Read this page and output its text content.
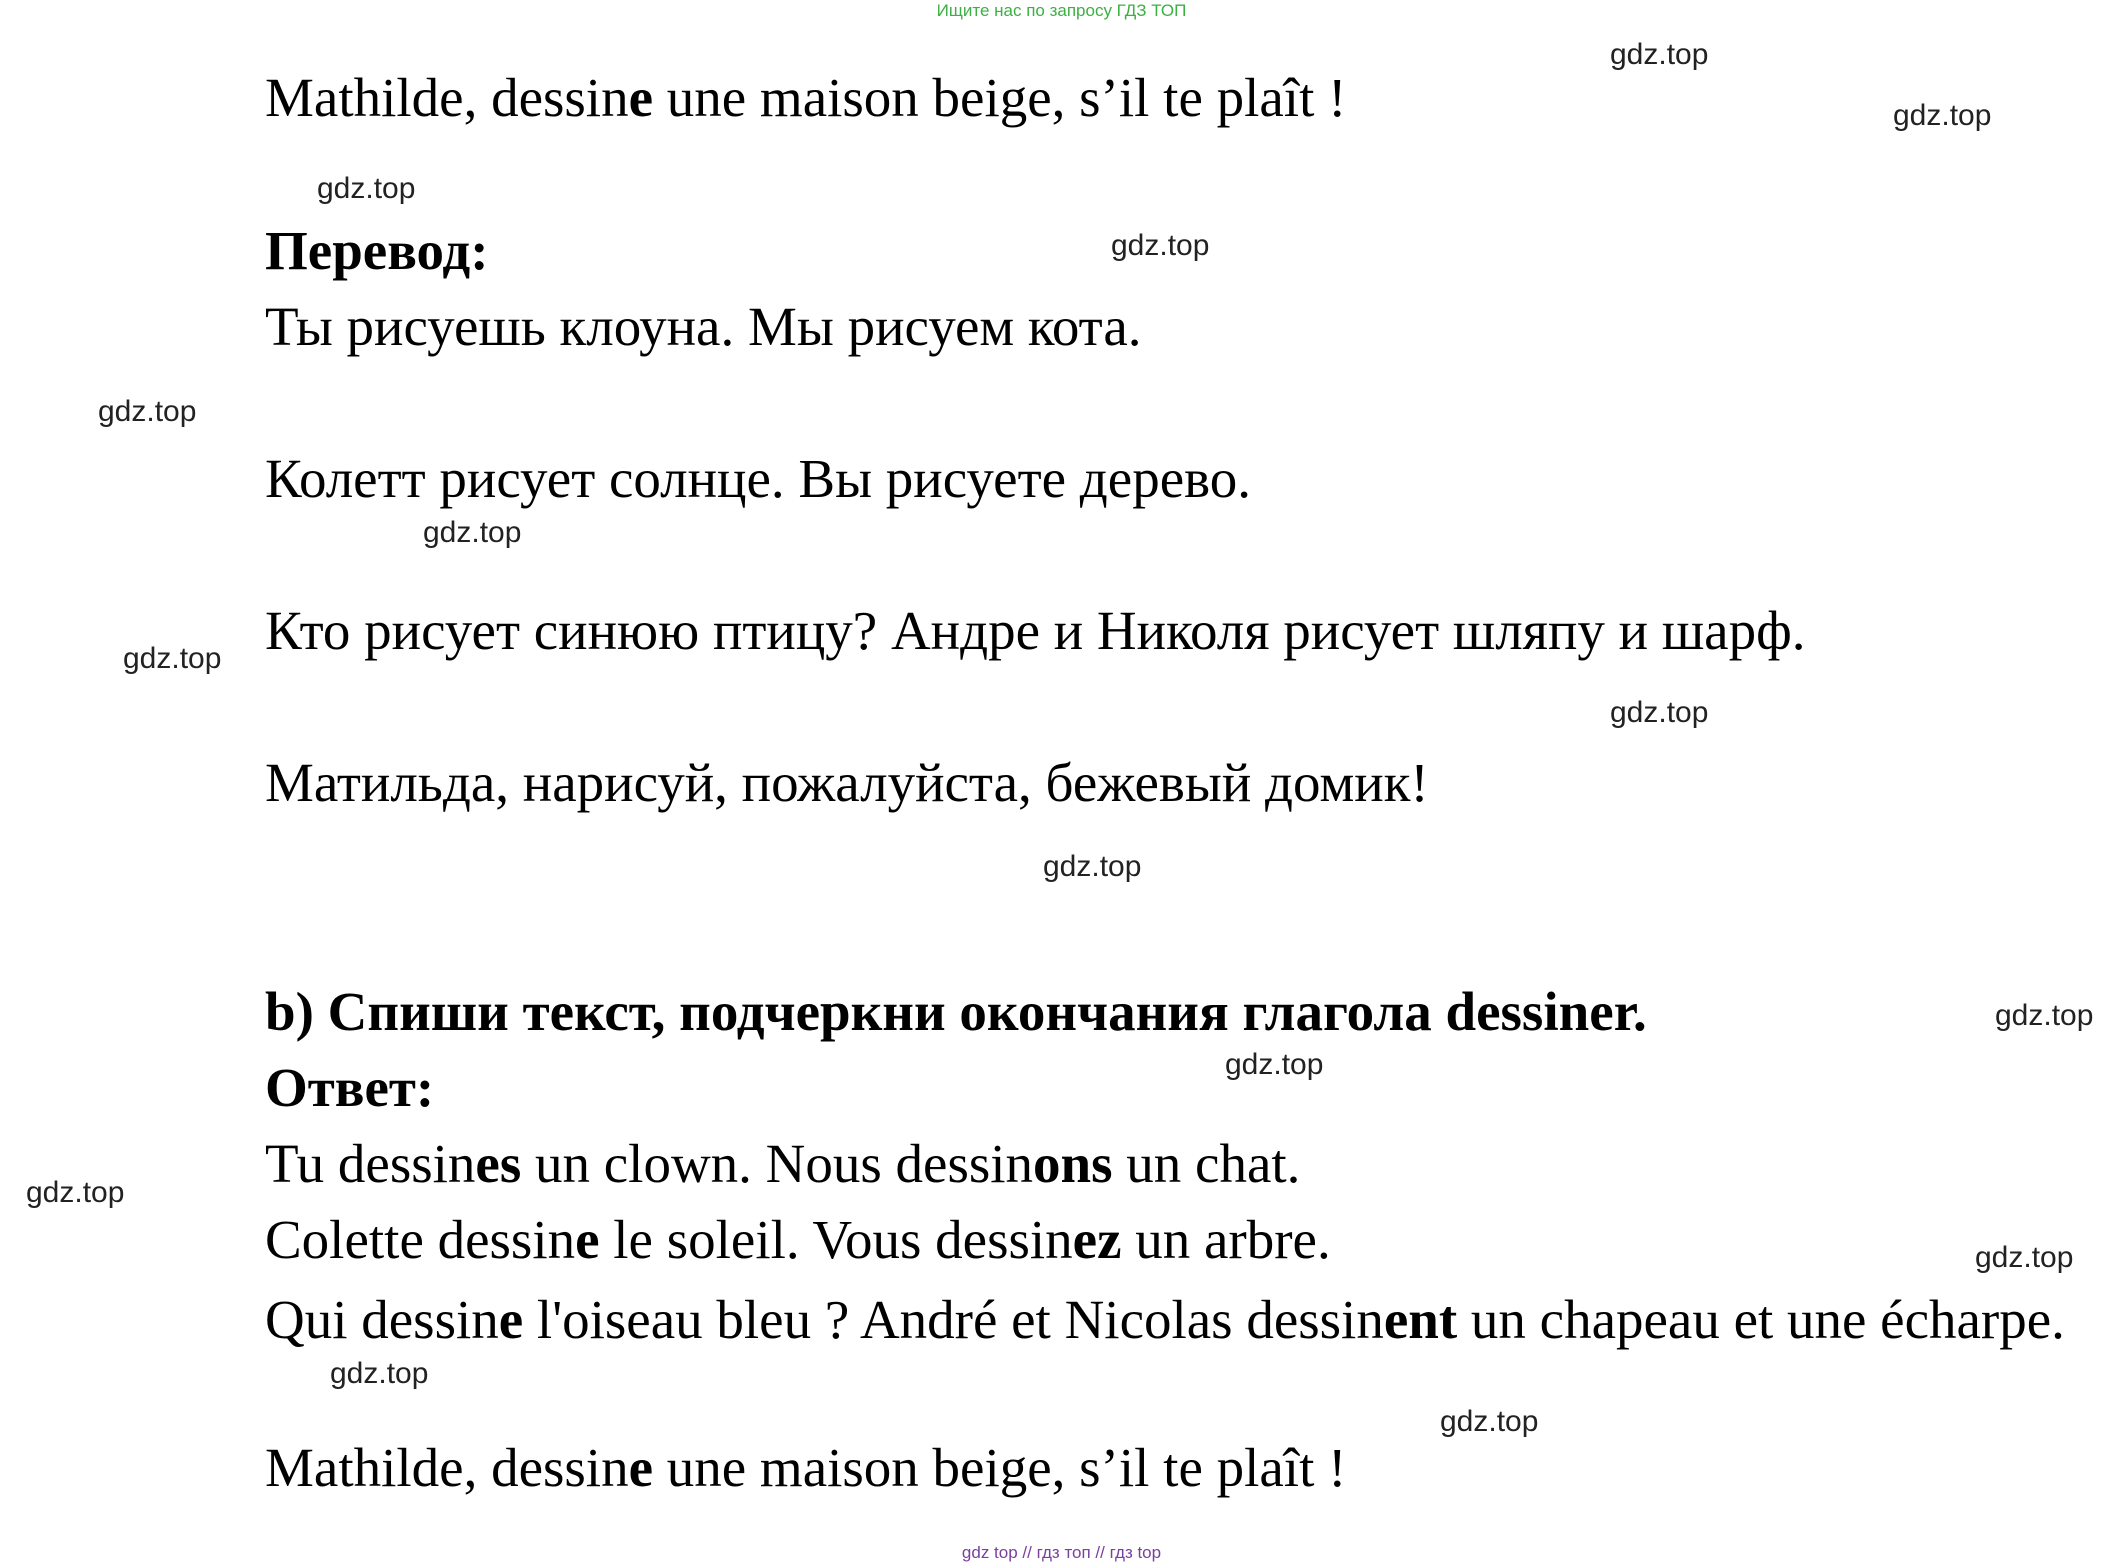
Ищите нас по запросу ГДЗ ТОП
Mathilde, dessine une maison beige, s’il te plaît !
Перевод:
Ты рисуешь клоуна. Мы рисуем кота.
Колетт рисует солнце. Вы рисуете дерево.
Кто рисует синюю птицу? Андре и Николя рисует шляпу и шарф.
Матильда, нарисуй, пожалуйста, бежевый домик!
b) Спиши текст, подчеркни окончания глагола dessiner.
Ответ:
Tu dessines un clown. Nous dessinons un chat.
Colette dessine le soleil. Vous dessinez un arbre.
Qui dessine l'oiseau bleu ? André et Nicolas dessinent un chapeau et une écharpe.
Mathilde, dessine une maison beige, s’il te plaît !
gdz.top
gdz.top
gdz.top
gdz.top
gdz.top
gdz.top
gdz.top
gdz.top
gdz.top
gdz.top
gdz.top
gdz.top
gdz.top
gdz.top
gdz.top
gdz top // гдз топ // гдз top
